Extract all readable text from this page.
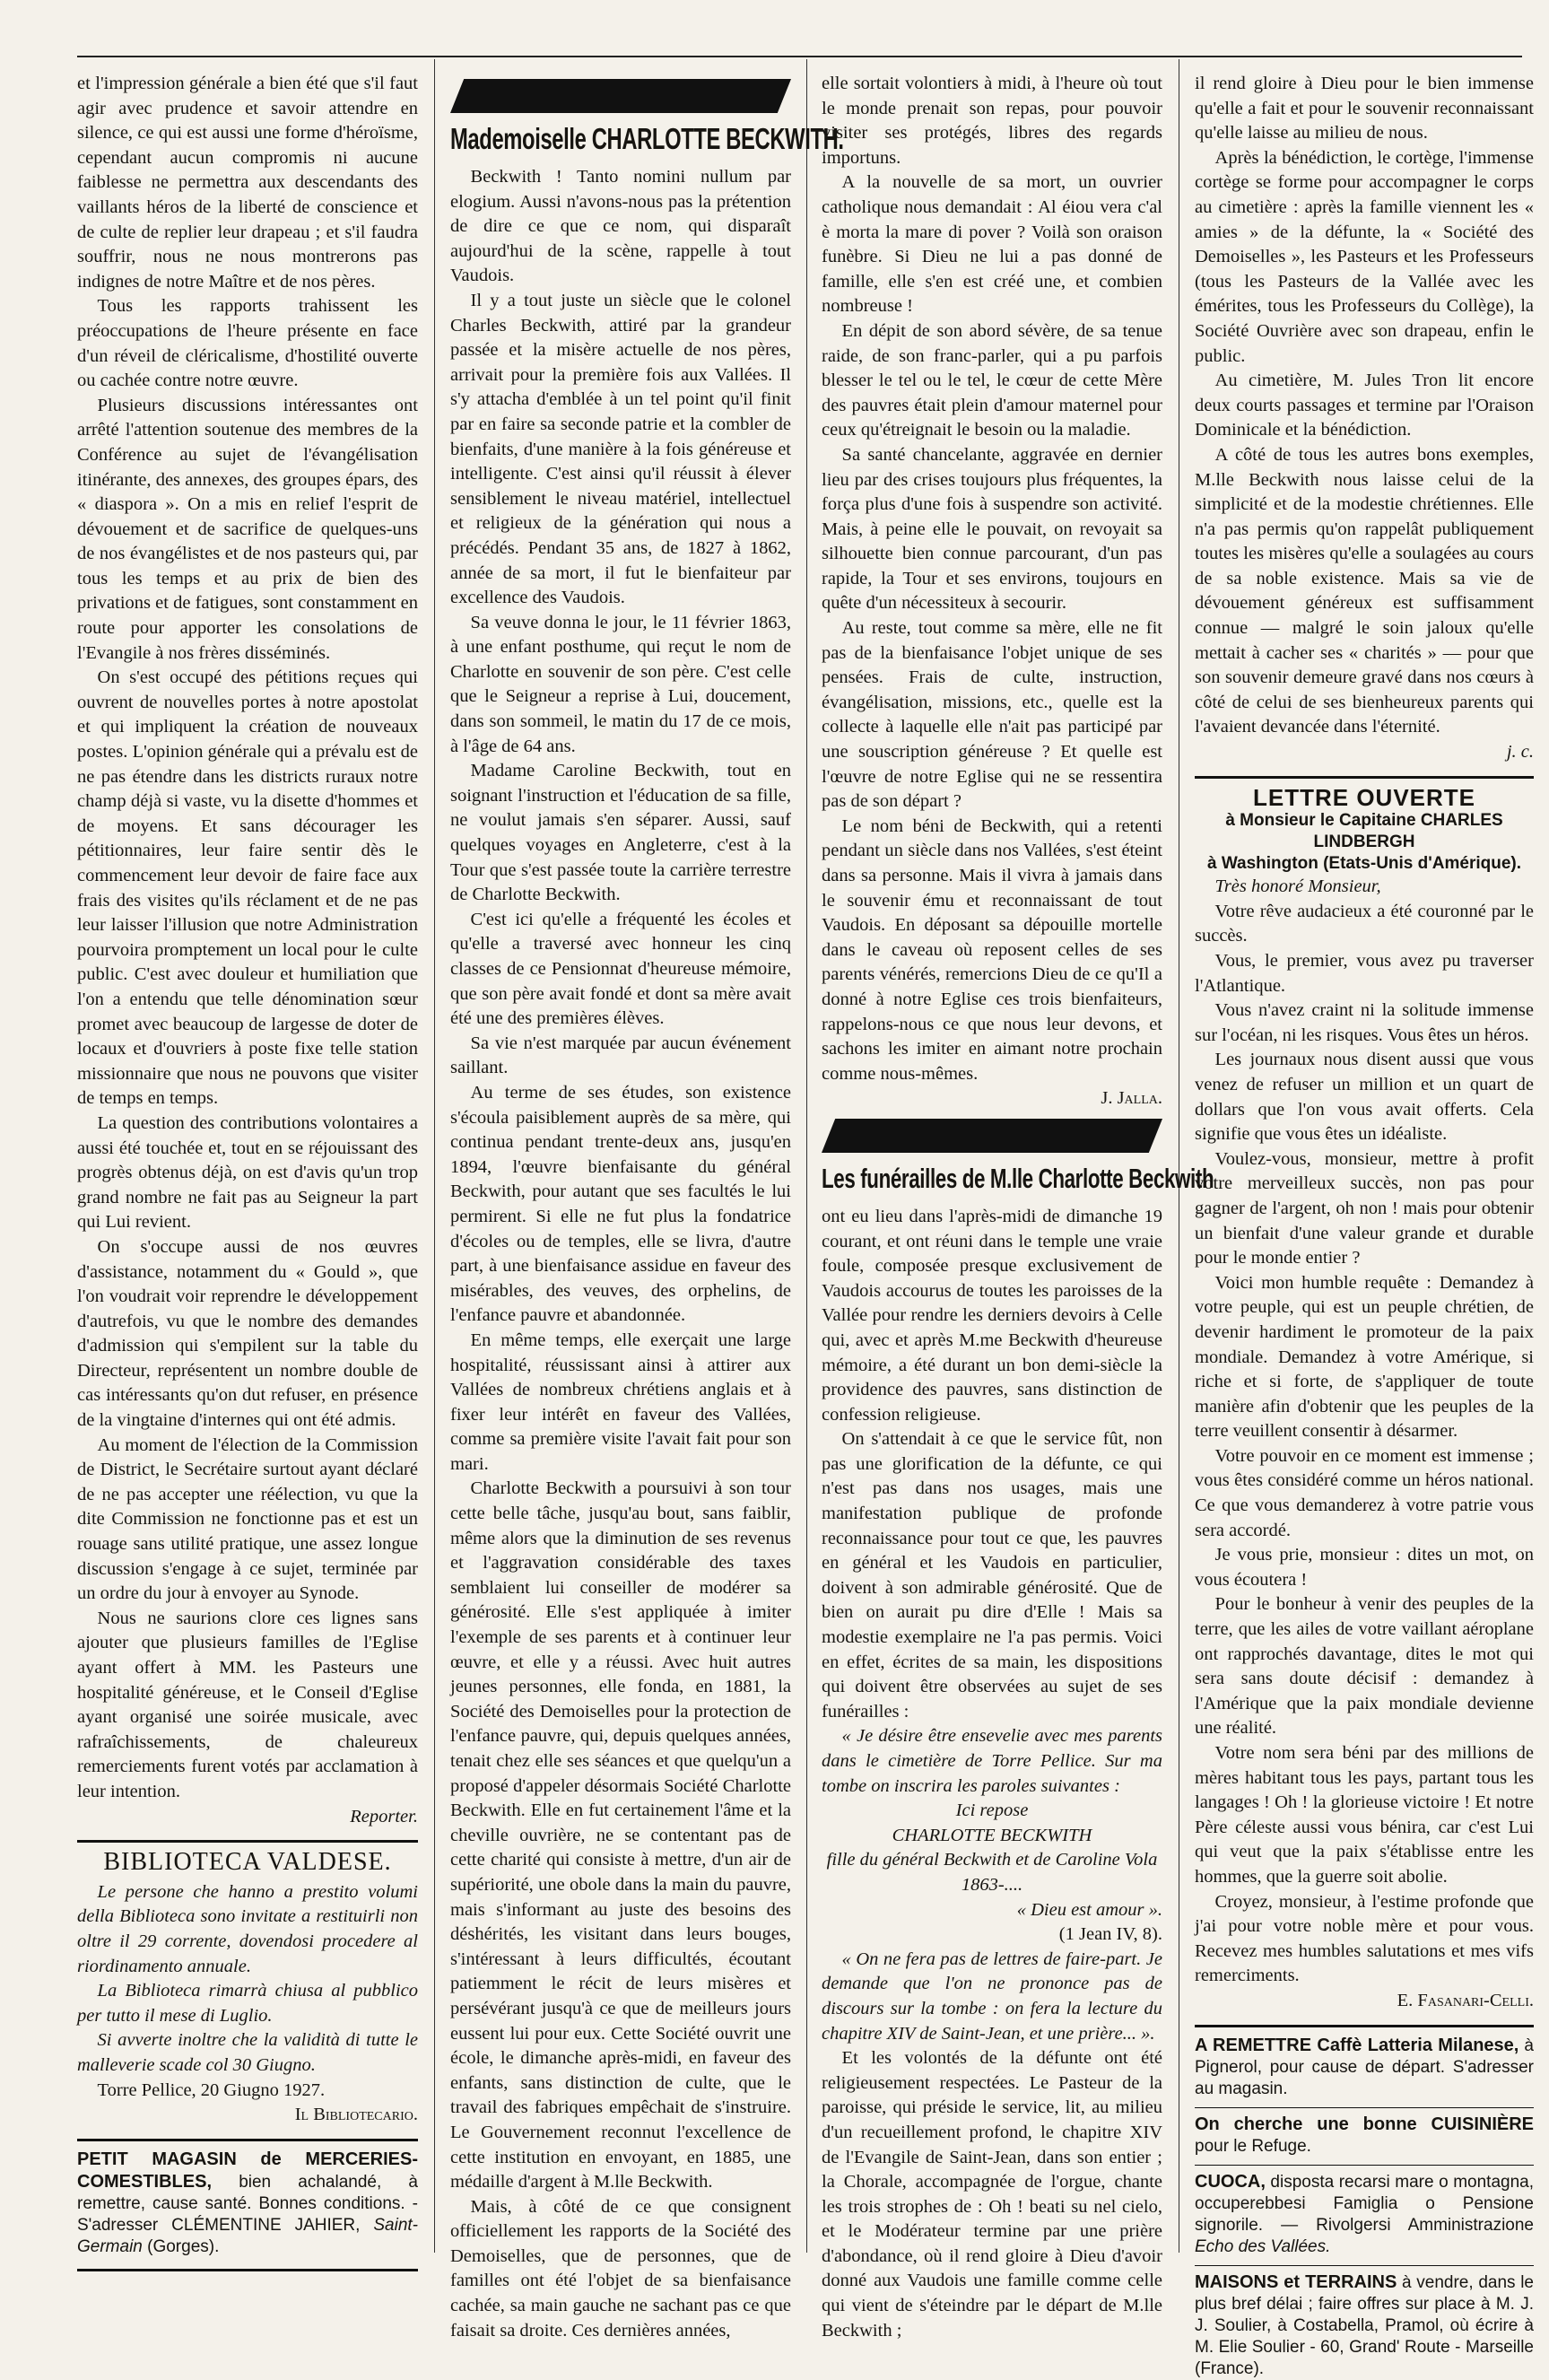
et l'impression générale a bien été que s'il faut agir avec prudence et savoir attendre en silence, ce qui est aussi une forme d'héroïsme, cependant aucun compromis ni aucune faiblesse ne permettra aux descendants des vaillants héros de la liberté de conscience et de culte de replier leur drapeau ; et s'il faudra souffrir, nous ne nous montrerons pas indignes de notre Maître et de nos pères.

Tous les rapports trahissent les préoccupations de l'heure présente en face d'un réveil de cléricalisme, d'hostilité ouverte ou cachée contre notre œuvre.

Plusieurs discussions intéressantes ont arrêté l'attention soutenue des membres de la Conférence au sujet de l'évangélisation itinérante, des annexes, des groupes épars, des « diaspora ». On a mis en relief l'esprit de dévouement et de sacrifice de quelques-uns de nos évangélistes et de nos pasteurs qui, par tous les temps et au prix de bien des privations et de fatigues, sont constamment en route pour apporter les consolations de l'Evangile à nos frères disséminés.

On s'est occupé des pétitions reçues qui ouvrent de nouvelles portes à notre apostolat et qui impliquent la création de nouveaux postes. L'opinion générale qui a prévalu est de ne pas étendre dans les districts ruraux notre champ déjà si vaste, vu la disette d'hommes et de moyens. Et sans décourager les pétitionnaires, leur faire sentir dès le commencement leur devoir de faire face aux frais des visites qu'ils réclament et de ne pas leur laisser l'illusion que notre Administration pourvoira promptement un local pour le culte public. C'est avec douleur et humiliation que l'on a entendu que telle dénomination sœur promet avec beaucoup de largesse de doter de locaux et d'ouvriers à poste fixe telle station missionnaire que nous ne pouvons que visiter de temps en temps.

La question des contributions volontaires a aussi été touchée et, tout en se réjouissant des progrès obtenus déjà, on est d'avis qu'un trop grand nombre ne fait pas au Seigneur la part qui Lui revient.

On s'occupe aussi de nos œuvres d'assistance, notamment du « Gould », que l'on voudrait voir reprendre le développement d'autrefois, vu que le nombre des demandes d'admission qui s'empilent sur la table du Directeur, représentent un nombre double de cas intéressants qu'on dut refuser, en présence de la vingtaine d'internes qui ont été admis.

Au moment de l'élection de la Commission de District, le Secrétaire surtout ayant déclaré de ne pas accepter une réélection, vu que la dite Commission ne fonctionne pas et est un rouage sans utilité pratique, une assez longue discussion s'engage à ce sujet, terminée par un ordre du jour à envoyer au Synode.

Nous ne saurions clore ces lignes sans ajouter que plusieurs familles de l'Eglise ayant offert à MM. les Pasteurs une hospitalité généreuse, et le Conseil d'Eglise ayant organisé une soirée musicale, avec rafraîchissements, de chaleureux remerciements furent votés par acclamation à leur intention.

Reporter.

BIBLIOTECA VALDESE.

Le persone che hanno a prestito volumi della Biblioteca sono invitate a restituirli non oltre il 29 corrente, dovendosi procedere al riordinamento annuale.

La Biblioteca rimarrà chiusa al pubblico per tutto il mese di Luglio.

Si avverte inoltre che la validità di tutte le malleverie scade col 30 Giugno.

Torre Pellice, 20 Giugno 1927.

Il Bibliotecario.

PETIT MAGASIN de MERCERIES-COMESTIBLES, bien achalandé, à remettre, cause santé. Bonnes conditions. - S'adresser CLÉMENTINE JAHIER, Saint-Germain (Gorges).

Mademoiselle CHARLOTTE BECKWITH.

Beckwith ! Tanto nomini nullum par elogium. Aussi n'avons-nous pas la prétention de dire ce que ce nom, qui disparaît aujourd'hui de la scène, rappelle à tout Vaudois.

Il y a tout juste un siècle que le colonel Charles Beckwith, attiré par la grandeur passée et la misère actuelle de nos pères, arrivait pour la première fois aux Vallées. Il s'y attacha d'emblée à un tel point qu'il finit par en faire sa seconde patrie et la combler de bienfaits, d'une manière à la fois généreuse et intelligente. C'est ainsi qu'il réussit à élever sensiblement le niveau matériel, intellectuel et religieux de la génération qui nous a précédés. Pendant 35 ans, de 1827 à 1862, année de sa mort, il fut le bienfaiteur par excellence des Vaudois.

Sa veuve donna le jour, le 11 février 1863, à une enfant posthume, qui reçut le nom de Charlotte en souvenir de son père. C'est celle que le Seigneur a reprise à Lui, doucement, dans son sommeil, le matin du 17 de ce mois, à l'âge de 64 ans.

Madame Caroline Beckwith, tout en soignant l'instruction et l'éducation de sa fille, ne voulut jamais s'en séparer. Aussi, sauf quelques voyages en Angleterre, c'est à la Tour que s'est passée toute la carrière terrestre de Charlotte Beckwith.

C'est ici qu'elle a fréquenté les écoles et qu'elle a traversé avec honneur les cinq classes de ce Pensionnat d'heureuse mémoire, que son père avait fondé et dont sa mère avait été une des premières élèves.

Sa vie n'est marquée par aucun événement saillant.

Au terme de ses études, son existence s'écoula paisiblement auprès de sa mère, qui continua pendant trente-deux ans, jusqu'en 1894, l'œuvre bienfaisante du général Beckwith, pour autant que ses facultés le lui permirent. Si elle ne fut plus la fondatrice d'écoles ou de temples, elle se livra, d'autre part, à une bienfaisance assidue en faveur des misérables, des veuves, des orphelins, de l'enfance pauvre et abandonnée.

En même temps, elle exerçait une large hospitalité, réussissant ainsi à attirer aux Vallées de nombreux chrétiens anglais et à fixer leur intérêt en faveur des Vallées, comme sa première visite l'avait fait pour son mari.

Charlotte Beckwith a poursuivi à son tour cette belle tâche, jusqu'au bout, sans faiblir, même alors que la diminution de ses revenus et l'aggravation considérable des taxes semblaient lui conseiller de modérer sa générosité. Elle s'est appliquée à imiter l'exemple de ses parents et à continuer leur œuvre, et elle y a réussi. Avec huit autres jeunes personnes, elle fonda, en 1881, la Société des Demoiselles pour la protection de l'enfance pauvre, qui, depuis quelques années, tenait chez elle ses séances et que quelqu'un a proposé d'appeler désormais Société Charlotte Beckwith. Elle en fut certainement l'âme et la cheville ouvrière, ne se contentant pas de cette charité qui consiste à mettre, d'un air de supériorité, une obole dans la main du pauvre, mais s'informant au juste des besoins des déshérités, les visitant dans leurs bouges, s'intéressant à leurs difficultés, écoutant patiemment le récit de leurs misères et persévérant jusqu'à ce que de meilleurs jours eussent lui pour eux. Cette Société ouvrit une école, le dimanche après-midi, en faveur des enfants, sans distinction de culte, que le travail des fabriques empêchait de s'instruire. Le Gouvernement reconnut l'excellence de cette institution en envoyant, en 1885, une médaille d'argent à M.lle Beckwith.

Mais, à côté de ce que consignent officiellement les rapports de la Société des Demoiselles, que de personnes, que de familles ont été l'objet de sa bienfaisance cachée, sa main gauche ne sachant pas ce que faisait sa droite. Ces dernières années,

elle sortait volontiers à midi, à l'heure où tout le monde prenait son repas, pour pouvoir visiter ses protégés, libres des regards importuns.

A la nouvelle de sa mort, un ouvrier catholique nous demandait : Al éiou vera c'al è morta la mare di pover ? Voilà son oraison funèbre. Si Dieu ne lui a pas donné de famille, elle s'en est créé une, et combien nombreuse !

En dépit de son abord sévère, de sa tenue raide, de son franc-parler, qui a pu parfois blesser le tel ou le tel, le cœur de cette Mère des pauvres était plein d'amour maternel pour ceux qu'étreignait le besoin ou la maladie.

Sa santé chancelante, aggravée en dernier lieu par des crises toujours plus fréquentes, la força plus d'une fois à suspendre son activité. Mais, à peine elle le pouvait, on revoyait sa silhouette bien connue parcourant, d'un pas rapide, la Tour et ses environs, toujours en quête d'un nécessiteux à secourir.

Au reste, tout comme sa mère, elle ne fit pas de la bienfaisance l'objet unique de ses pensées. Frais de culte, instruction, évangélisation, missions, etc., quelle est la collecte à laquelle elle n'ait pas participé par une souscription généreuse ? Et quelle est l'œuvre de notre Eglise qui ne se ressentira pas de son départ ?

Le nom béni de Beckwith, qui a retenti pendant un siècle dans nos Vallées, s'est éteint dans sa personne. Mais il vivra à jamais dans le souvenir ému et reconnaissant de tout Vaudois. En déposant sa dépouille mortelle dans le caveau où reposent celles de ses parents vénérés, remercions Dieu de ce qu'Il a donné à notre Eglise ces trois bienfaiteurs, rappelons-nous ce que nous leur devons, et sachons les imiter en aimant notre prochain comme nous-mêmes.

J. Jalla.

Les funérailles de M.lle Charlotte Beckwith

ont eu lieu dans l'après-midi de dimanche 19 courant, et ont réuni dans le temple une vraie foule, composée presque exclusivement de Vaudois accourus de toutes les paroisses de la Vallée pour rendre les derniers devoirs à Celle qui, avec et après M.me Beckwith d'heureuse mémoire, a été durant un bon demi-siècle la providence des pauvres, sans distinction de confession religieuse.

On s'attendait à ce que le service fût, non pas une glorification de la défunte, ce qui n'est pas dans nos usages, mais une manifestation publique de profonde reconnaissance pour tout ce que, les pauvres en général et les Vaudois en particulier, doivent à son admirable générosité. Que de bien on aurait pu dire d'Elle ! Mais sa modestie exemplaire ne l'a pas permis. Voici en effet, écrites de sa main, les dispositions qui doivent être observées au sujet de ses funérailles :

« Je désire être ensevelie avec mes parents dans le cimetière de Torre Pellice. Sur ma tombe on inscrira les paroles suivantes :

Ici repose

CHARLOTTE BECKWITH

fille du général Beckwith et de Caroline Vola

1863-....

« Dieu est amour ».

(1 Jean IV, 8).

« On ne fera pas de lettres de faire-part. Je demande que l'on ne prononce pas de discours sur la tombe : on fera la lecture du chapitre XIV de Saint-Jean, et une prière... ».

Et les volontés de la défunte ont été religieusement respectées. Le Pasteur de la paroisse, qui préside le service, lit, au milieu d'un recueillement profond, le chapitre XIV de l'Evangile de Saint-Jean, dans son entier ; la Chorale, accompagnée de l'orgue, chante les trois strophes de : Oh ! beati su nel cielo, et le Modérateur termine par une prière d'abondance, où il rend gloire à Dieu d'avoir donné aux Vaudois une famille comme celle qui vient de s'éteindre par le départ de M.lle Beckwith ;

il rend gloire à Dieu pour le bien immense qu'elle a fait et pour le souvenir reconnaissant qu'elle laisse au milieu de nous.

Après la bénédiction, le cortège, l'immense cortège se forme pour accompagner le corps au cimetière : après la famille viennent les « amies » de la défunte, la « Société des Demoiselles », les Pasteurs et les Professeurs (tous les Pasteurs de la Vallée avec les émérites, tous les Professeurs du Collège), la Société Ouvrière avec son drapeau, enfin le public.

Au cimetière, M. Jules Tron lit encore deux courts passages et termine par l'Oraison Dominicale et la bénédiction.

A côté de tous les autres bons exemples, M.lle Beckwith nous laisse celui de la simplicité et de la modestie chrétiennes. Elle n'a pas permis qu'on rappelât publiquement toutes les misères qu'elle a soulagées au cours de sa noble existence. Mais sa vie de dévouement généreux est suffisamment connue — malgré le soin jaloux qu'elle mettait à cacher ses « charités » — pour que son souvenir demeure gravé dans nos cœurs à côté de celui de ses bienheureux parents qui l'avaient devancée dans l'éternité.

j. c.

LETTRE OUVERTE

à Monsieur le Capitaine CHARLES LINDBERGH

à Washington (Etats-Unis d'Amérique).

Très honoré Monsieur,

Votre rêve audacieux a été couronné par le succès.

Vous, le premier, vous avez pu traverser l'Atlantique.

Vous n'avez craint ni la solitude immense sur l'océan, ni les risques. Vous êtes un héros.

Les journaux nous disent aussi que vous venez de refuser un million et un quart de dollars que l'on vous avait offerts. Cela signifie que vous êtes un idéaliste.

Voulez-vous, monsieur, mettre à profit votre merveilleux succès, non pas pour gagner de l'argent, oh non ! mais pour obtenir un bienfait d'une valeur grande et durable pour le monde entier ?

Voici mon humble requête : Demandez à votre peuple, qui est un peuple chrétien, de devenir hardiment le promoteur de la paix mondiale. Demandez à votre Amérique, si riche et si forte, de s'appliquer de toute manière afin d'obtenir que les peuples de la terre veuillent consentir à désarmer.

Votre pouvoir en ce moment est immense ; vous êtes considéré comme un héros national. Ce que vous demanderez à votre patrie vous sera accordé.

Je vous prie, monsieur : dites un mot, on vous écoutera !

Pour le bonheur à venir des peuples de la terre, que les ailes de votre vaillant aéroplane ont rapprochés davantage, dites le mot qui sera sans doute décisif : demandez à l'Amérique que la paix mondiale devienne une réalité.

Votre nom sera béni par des millions de mères habitant tous les pays, partant tous les langages ! Oh ! la glorieuse victoire ! Et notre Père céleste aussi vous bénira, car c'est Lui qui veut que la paix s'établisse entre les hommes, que la guerre soit abolie.

Croyez, monsieur, à l'estime profonde que j'ai pour votre noble mère et pour vous. Recevez mes humbles salutations et mes vifs remerciments.

E. Fasanari-Celli.

A REMETTRE Caffè Latteria Milanese, à Pignerol, pour cause de départ. S'adresser au magasin.

On cherche une bonne CUISINIÈRE pour le Refuge.

CUOCA, disposta recarsi mare o montagna, occuperebbesi Famiglia o Pensione signorile. — Rivolgersi Amministrazione Echo des Vallées.

MAISONS et TERRAINS à vendre, dans le plus bref délai ; faire offres sur place à M. J. J. Soulier, à Costabella, Pramol, où écrire à M. Elie Soulier - 60, Grand' Route - Marseille (France).
